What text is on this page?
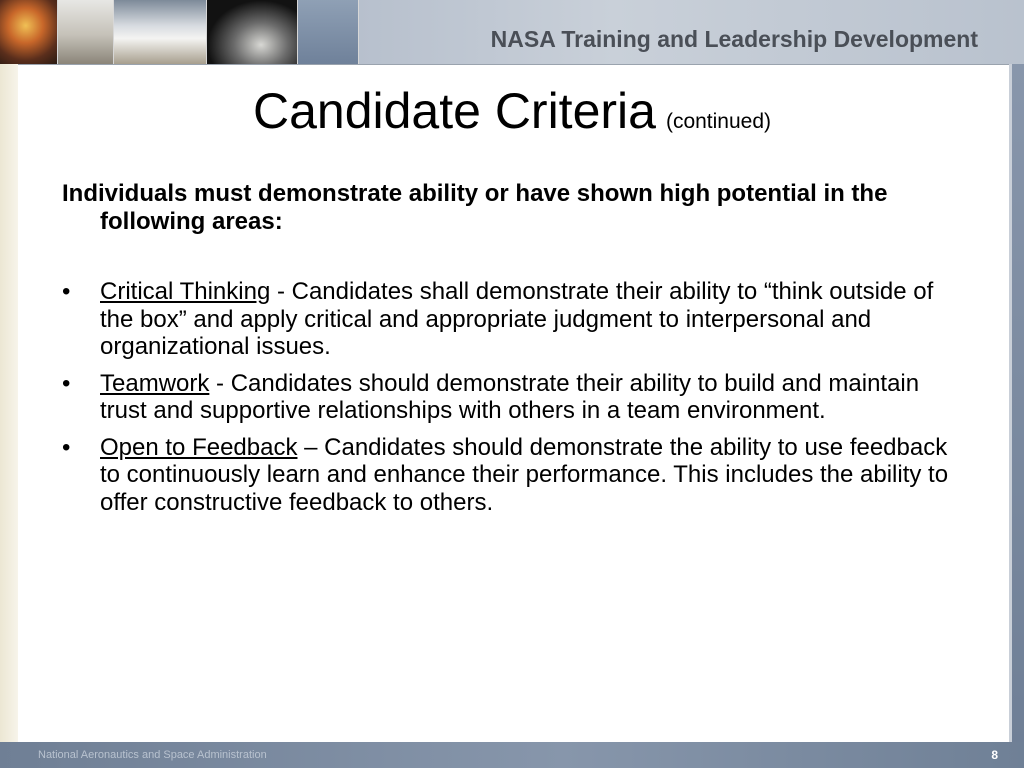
NASA Training and Leadership Development
Candidate Criteria (continued)

Individuals must demonstrate ability or have shown high potential in the following areas:

• Critical Thinking - Candidates shall demonstrate their ability to “think outside of the box” and apply critical and appropriate judgment to interpersonal and organizational issues.
• Teamwork - Candidates should demonstrate their ability to build and maintain trust and supportive relationships with others in a team environment.
• Open to Feedback – Candidates should demonstrate the ability to use feedback to continuously learn and enhance their performance. This includes the ability to offer constructive feedback to others.
National Aeronautics and Space Administration	8
